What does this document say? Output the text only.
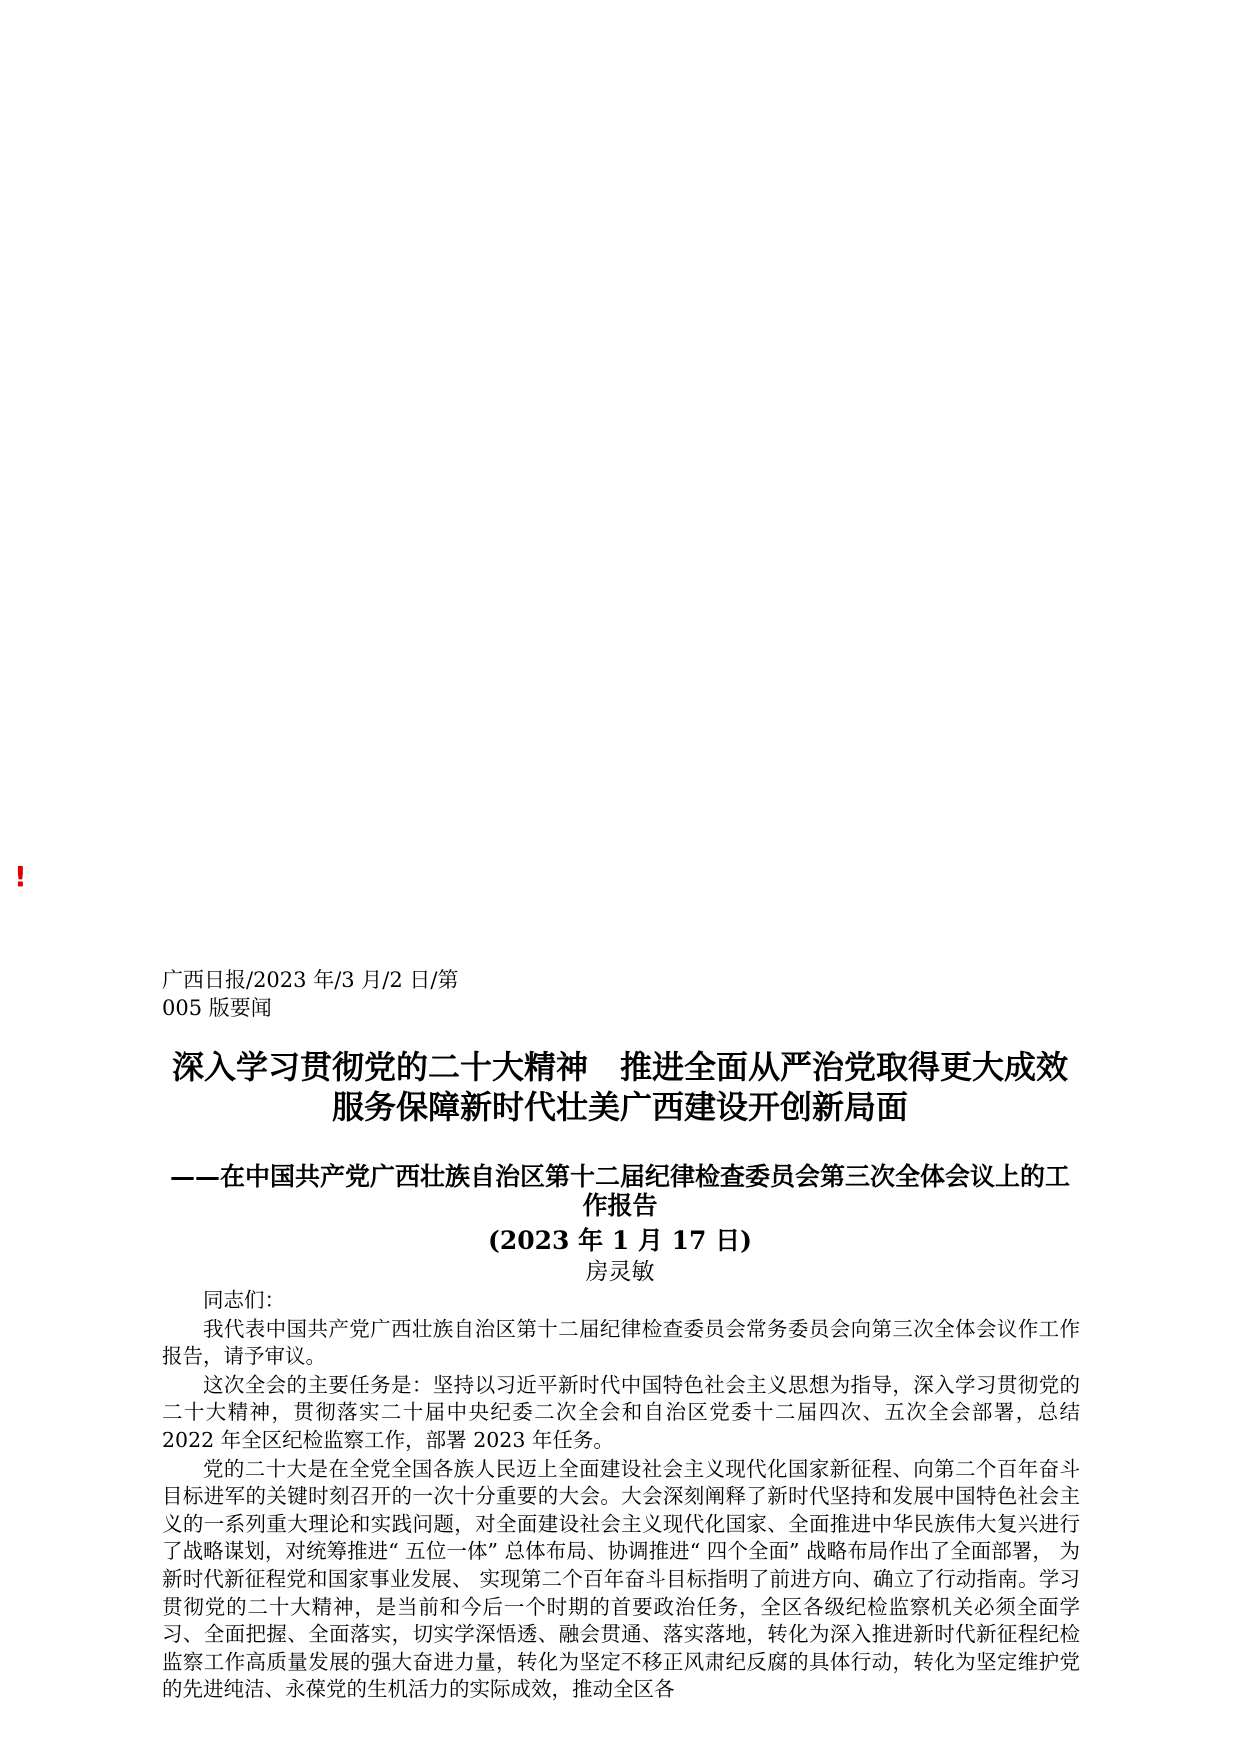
!
广西日报/2023 年/3 月/2 日/第 005 版要闻
深入学习贯彻党的二十大精神　推进全面从严治党取得更大成效　服务保障新时代壮美广西建设开创新局面
——在中国共产党广西壮族自治区第十二届纪律检查委员会第三次全体会议上的工作报告
(2023 年 1 月 17 日)
房灵敏

同志们：

我代表中国共产党广西壮族自治区第十二届纪律检查委员会常务委员会向第三次全体会议作工作报告，请予审议。

这次全会的主要任务是：坚持以习近平新时代中国特色社会主义思想为指导，深入学习贯彻党的二十大精神，贯彻落实二十届中央纪委二次全会和自治区党委十二届四次、五次全会部署，总结 2022 年全区纪检监察工作，部署 2023 年任务。

党的二十大是在全党全国各族人民迈上全面建设社会主义现代化国家新征程、向第二个百年奋斗目标进军的关键时刻召开的一次十分重要的大会。大会深刻阐释了新时代坚持和发展中国特色社会主义的一系列重大理论和实践问题，对全面建设社会主义现代化国家、全面推进中华民族伟大复兴进行了战略谋划，对统筹推进“ 五位一体” 总体布局、协调推进“ 四个全面” 战略布局作出了全面部署， 为新时代新征程党和国家事业发展、 实现第二个百年奋斗目标指明了前进方向、确立了行动指南。学习贯彻党的二十大精神，是当前和今后一个时期的首要政治任务，全区各级纪检监察机关必须全面学习、全面把握、全面落实，切实学深悟透、融会贯通、落实落地，转化为深入推进新时代新征程纪检监察工作高质量发展的强大奋进力量，转化为坚定不移正风肃纪反腐的具体行动，转化为坚定维护党的先进纯洁、永葆党的生机活力的实际成效，推动全区各
